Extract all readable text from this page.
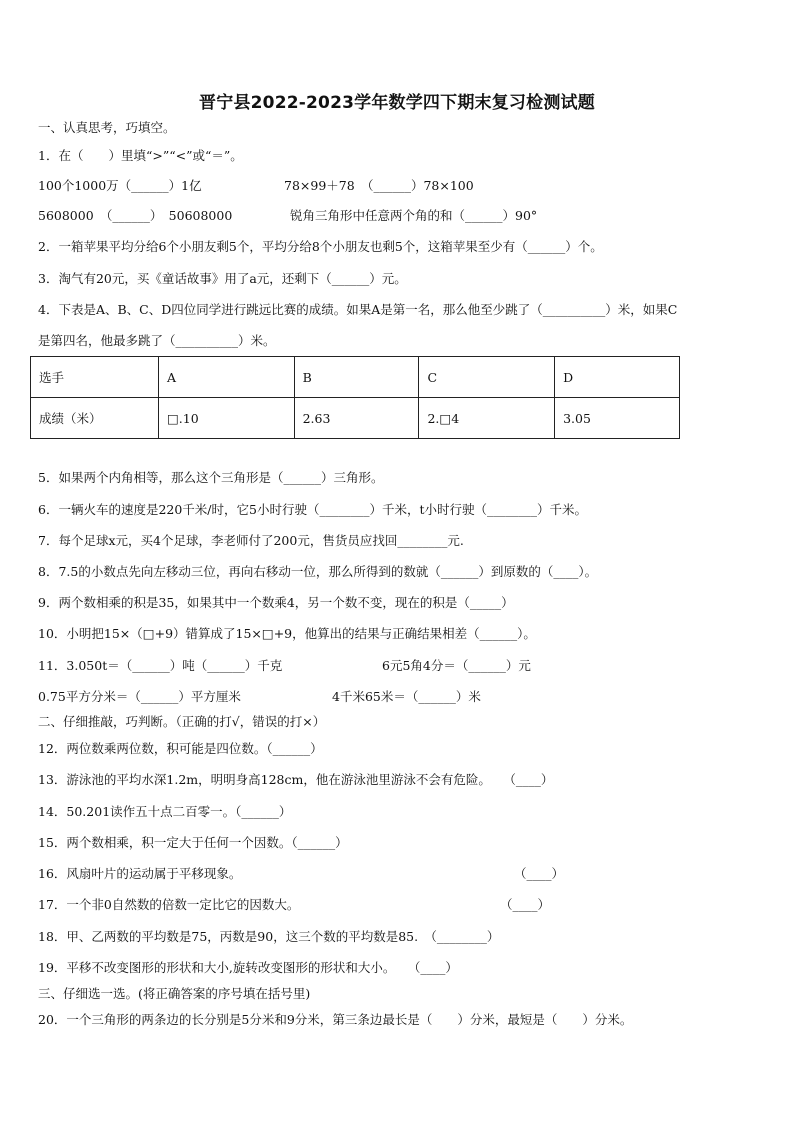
晋宁县2022-2023学年数学四下期末复习检测试题
一、认真思考，巧填空。
1．在（　　）里填“>”“<”或“＝”。
100个1000万（______）1亿	78×99＋78　（______）78×100
5608000　（______）　50608000	锐角三角形中任意两个角的和（______）90°
2．一箱苹果平均分给6个小朋友剩5个，平均分给8个小朋友也剩5个，这箱苹果至少有（______）个。
3．淘气有20元，买《童话故事》用了a元，还剩下（______）元。
4．下表是A、B、C、D四位同学进行跳远比赛的成绩。如果A是第一名，那么他至少跳了（__________）米，如果C
是第四名，他最多跳了（__________）米。
选手	A	B	C	D
成绩（米）	□.10	2.63	2.□4	3.05
5．如果两个内角相等，那么这个三角形是（______）三角形。
6．一辆火车的速度是220千米/时，它5小时行驶（________）千米，t小时行驶（________）千米。
7．每个足球x元，买4个足球，李老师付了200元，售货员应找回________元.
8．7.5的小数点先向左移动三位，再向右移动一位，那么所得到的数就（______）到原数的（____）。
9．两个数相乘的积是35，如果其中一个数乘4，另一个数不变，现在的积是（_____）
10．小明把15×（□+9）错算成了15×□+9，他算出的结果与正确结果相差（______）。
11．3.050t＝（______）吨（______）千克	6元5角4分＝（______）元
0.75平方分米＝（______）平方厘米	4千米65米＝（______）米
二、仔细推敲，巧判断。（正确的打√，错误的打×）
12．两位数乘两位数，积可能是四位数。（______）
13．游泳池的平均水深1.2m，明明身高128cm，他在游泳池里游泳不会有危险。　　（____）
14．50.201读作五十点二百零一。（______）
15．两个数相乘，积一定大于任何一个因数。（______）
16．风扇叶片的运动属于平移现象。	（____）
17．一个非0自然数的倍数一定比它的因数大。	（____）
18．甲、乙两数的平均数是75，丙数是90，这三个数的平均数是85.　（________）
19．平移不改变图形的形状和大小,旋转改变图形的形状和大小。　　（____）
三、仔细选一选。(将正确答案的序号填在括号里)
20．一个三角形的两条边的长分别是5分米和9分米，第三条边最长是（　　）分米，最短是（　　）分米。
